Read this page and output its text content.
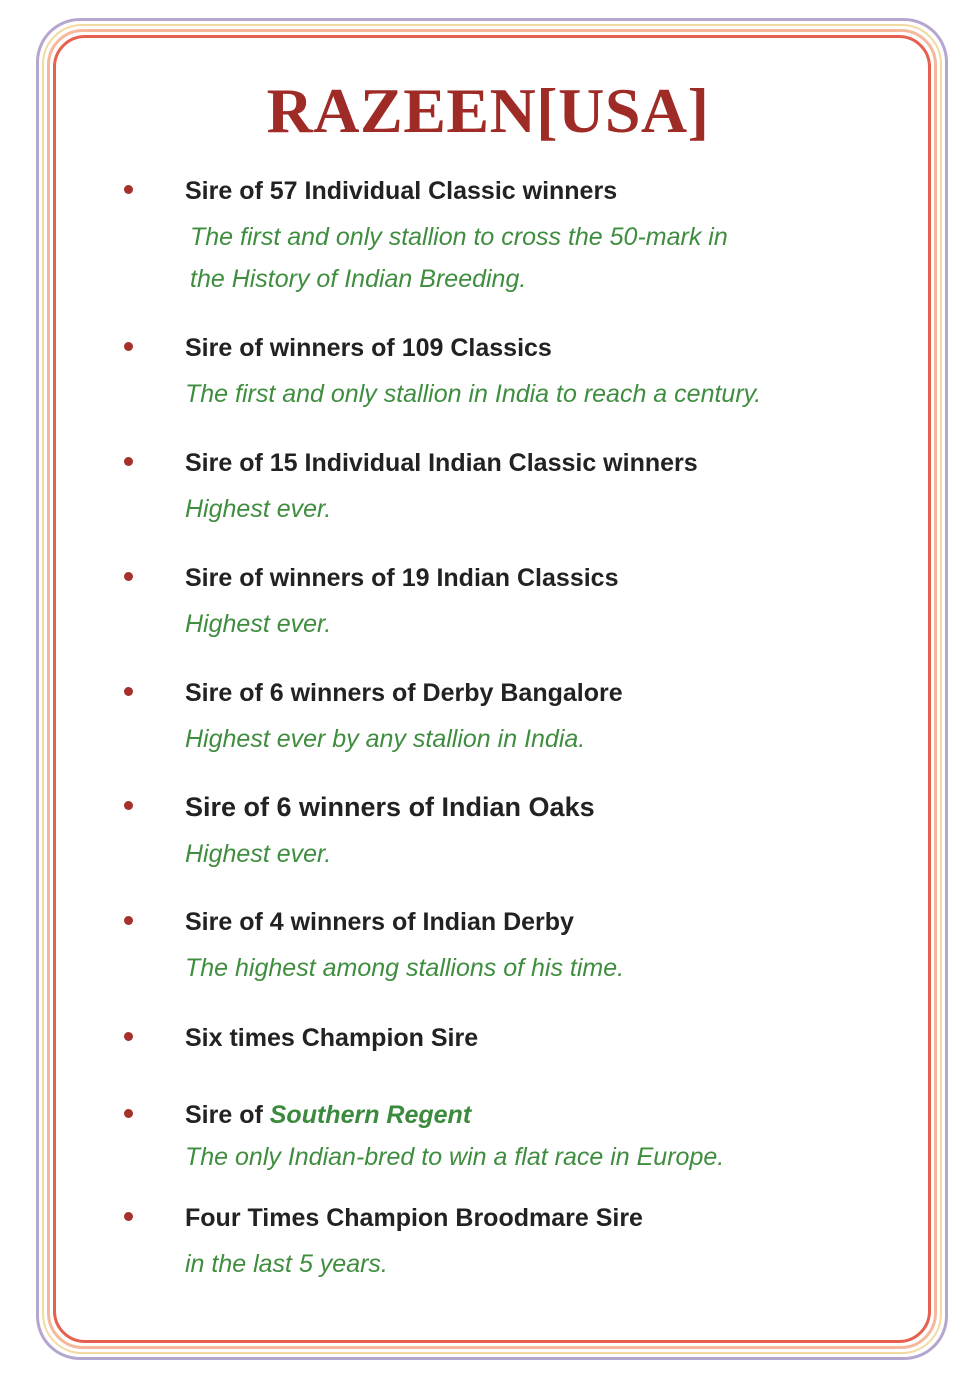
RAZEEN[USA]

Sire of 57 Individual Classic winners

The first and only stallion to cross the 50-mark in

the History of Indian Breeding.

Sire of winners of 109 Classics

The first and only stallion in India to reach a century.

Sire of 15 Individual Indian Classic winners

Highest ever.

Sire of winners of 19 Indian Classics

Highest ever.

Sire of 6 winners of Derby Bangalore

Highest ever by any stallion in India.

Sire of 6 winners of Indian Oaks

Highest ever.

Sire of 4 winners of Indian Derby

The highest among stallions of his time.

Six times Champion Sire

Sire of Southern Regent

The only Indian-bred to win a flat race in Europe.

Four Times Champion Broodmare Sire

in the last 5 years.
